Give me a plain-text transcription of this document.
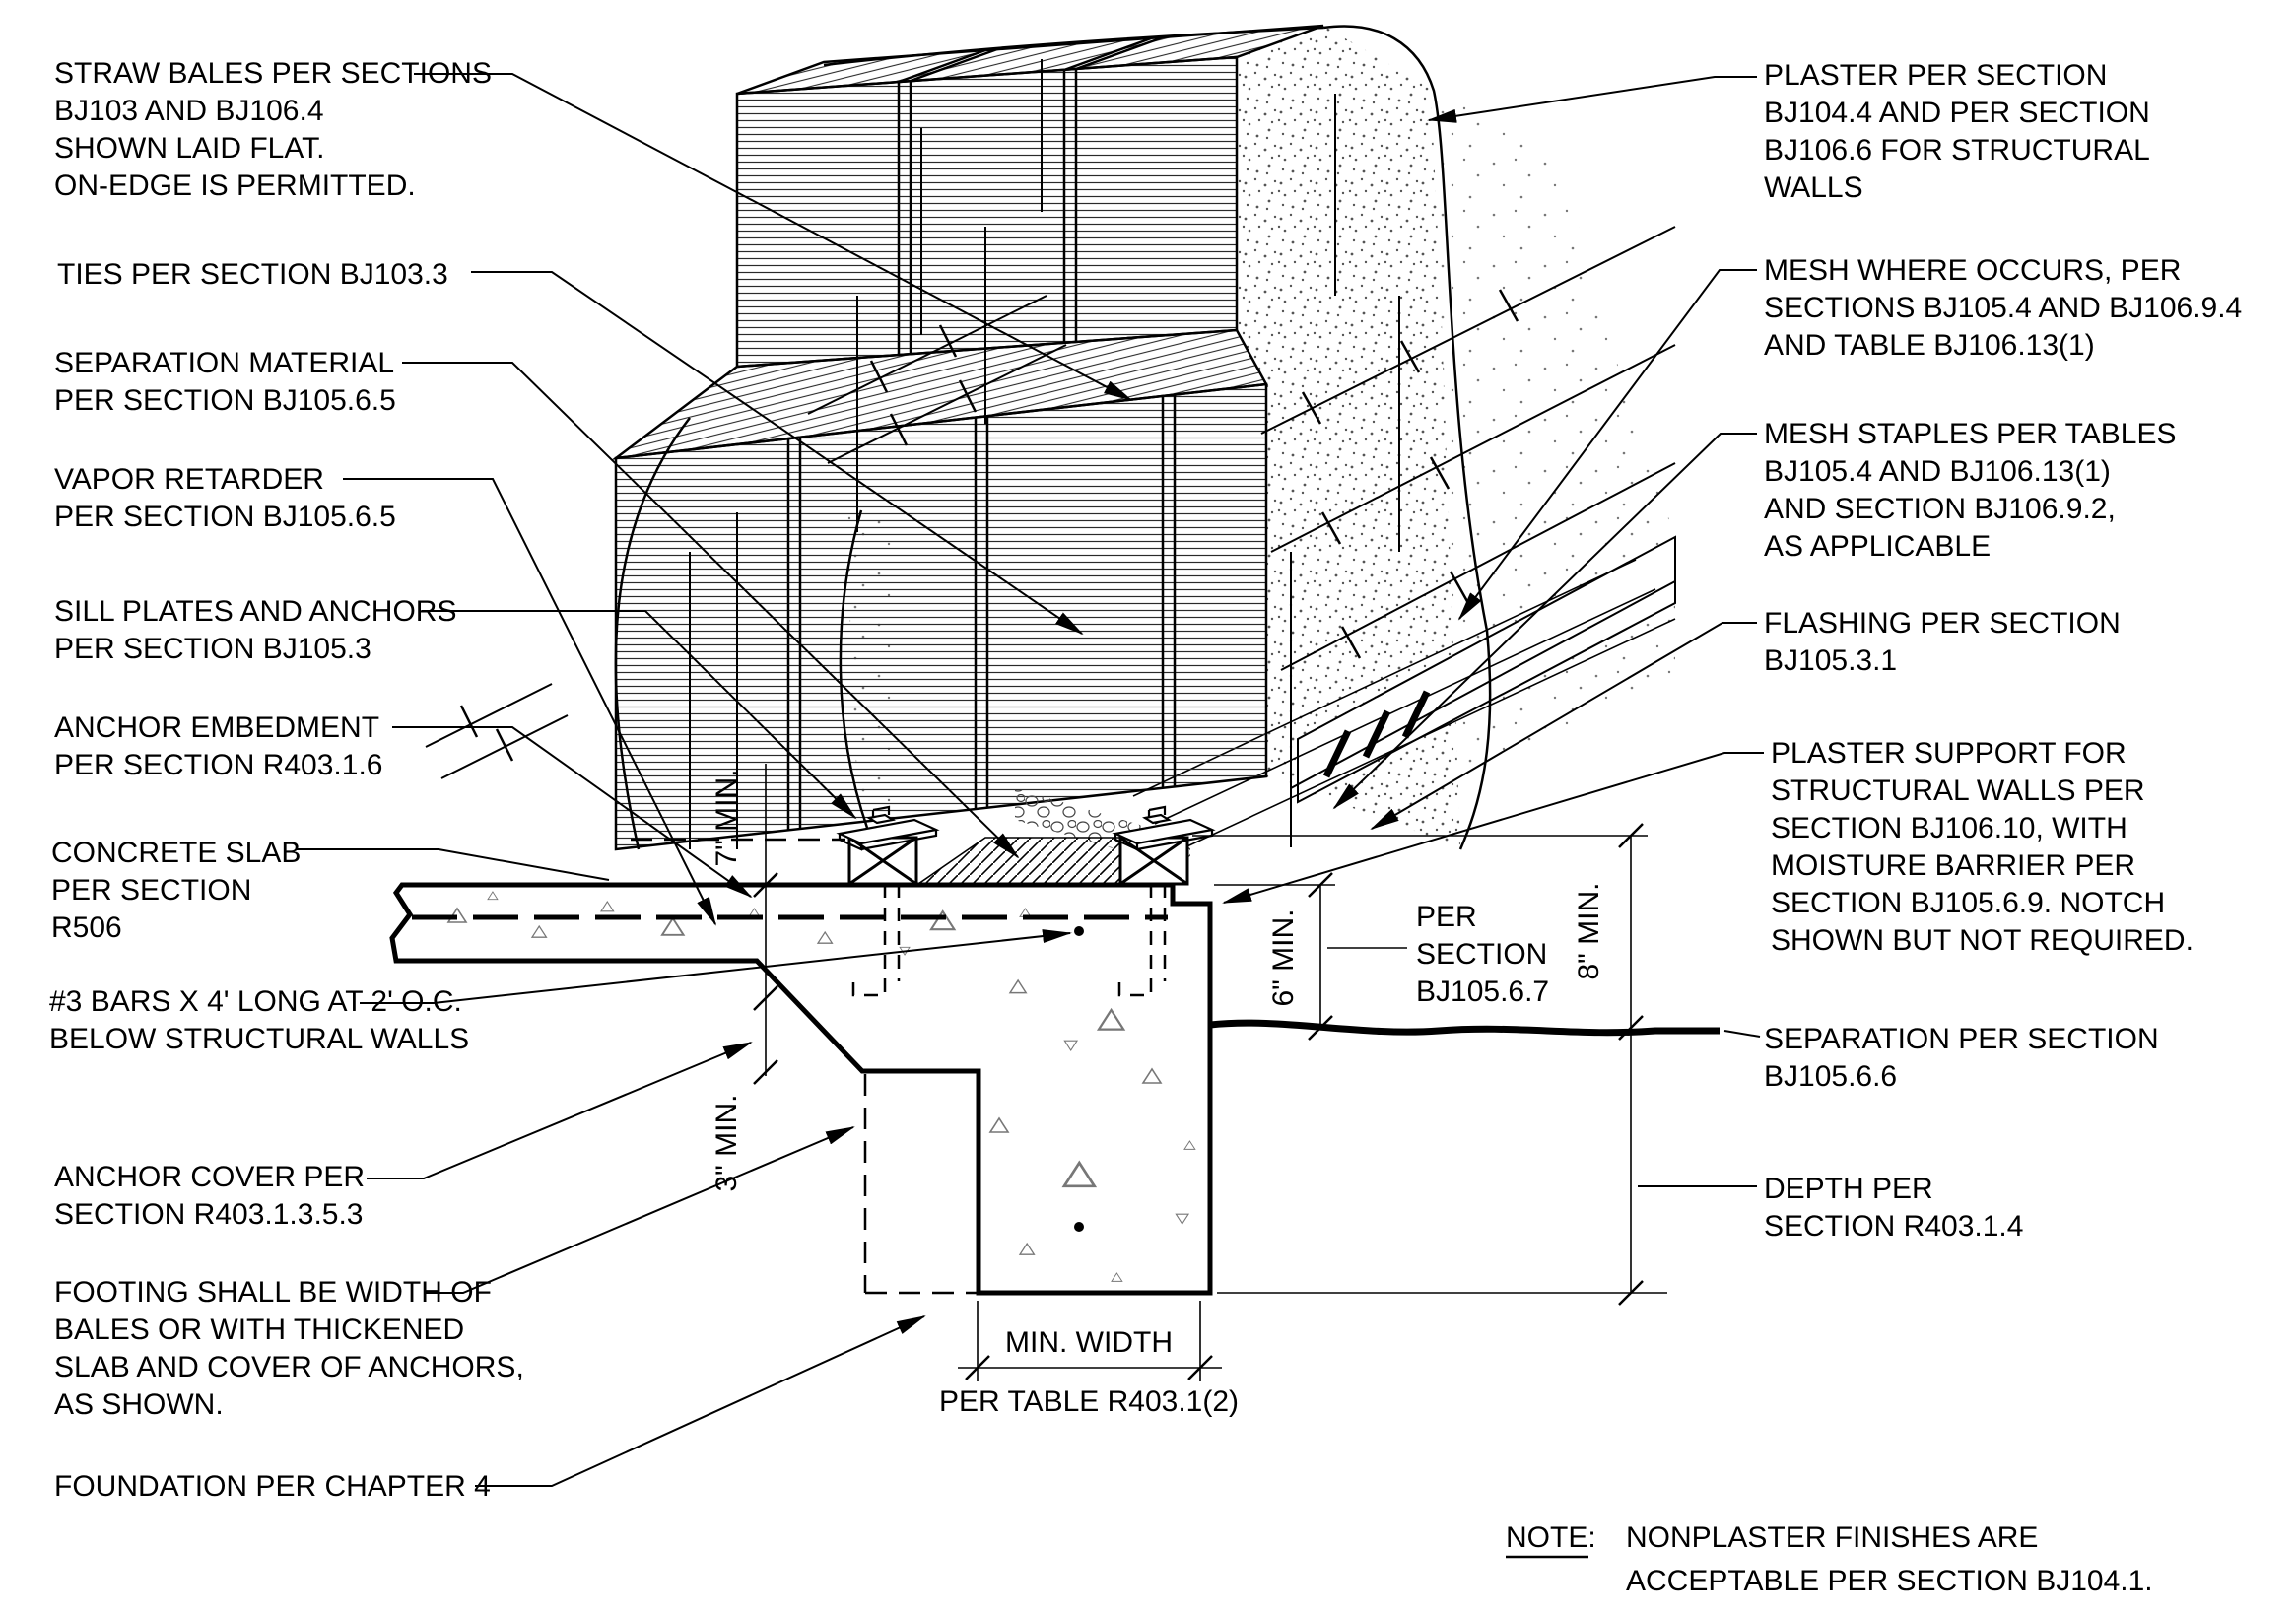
7" MIN.
3" MIN.
6" MIN.	8" MIN.
PER
SECTION
BJ105.6.7
MIN. WIDTH
PER TABLE R403.1(2)
STRAW BALES PER SECTIONS
BJ103 AND BJ106.4
SHOWN LAID FLAT.
ON-EDGE IS PERMITTED.
TIES PER SECTION BJ103.3
SEPARATION MATERIAL
PER SECTION BJ105.6.5
VAPOR RETARDER
PER SECTION BJ105.6.5
SILL PLATES AND ANCHORS
PER SECTION BJ105.3
ANCHOR EMBEDMENT
PER SECTION R403.1.6
CONCRETE SLAB
PER SECTION
R506
#3 BARS X 4' LONG AT 2' O.C.
BELOW STRUCTURAL WALLS
ANCHOR COVER PER
SECTION R403.1.3.5.3
FOOTING SHALL BE WIDTH OF
BALES OR WITH THICKENED
SLAB AND COVER OF ANCHORS,
AS SHOWN.
FOUNDATION PER CHAPTER 4
PLASTER PER SECTION
BJ104.4 AND PER SECTION
BJ106.6 FOR STRUCTURAL
WALLS
MESH WHERE OCCURS, PER
SECTIONS BJ105.4 AND BJ106.9.4
AND TABLE BJ106.13(1)
MESH STAPLES PER TABLES
BJ105.4 AND BJ106.13(1)
AND SECTION BJ106.9.2,
AS APPLICABLE
FLASHING PER SECTION
BJ105.3.1
PLASTER SUPPORT FOR
STRUCTURAL WALLS PER
SECTION BJ106.10, WITH
MOISTURE BARRIER PER
SECTION BJ105.6.9. NOTCH
SHOWN BUT NOT REQUIRED.
SEPARATION PER SECTION
BJ105.6.6
DEPTH PER
SECTION R403.1.4
NOTE: NONPLASTER FINISHES ARE
ACCEPTABLE PER SECTION BJ104.1.
